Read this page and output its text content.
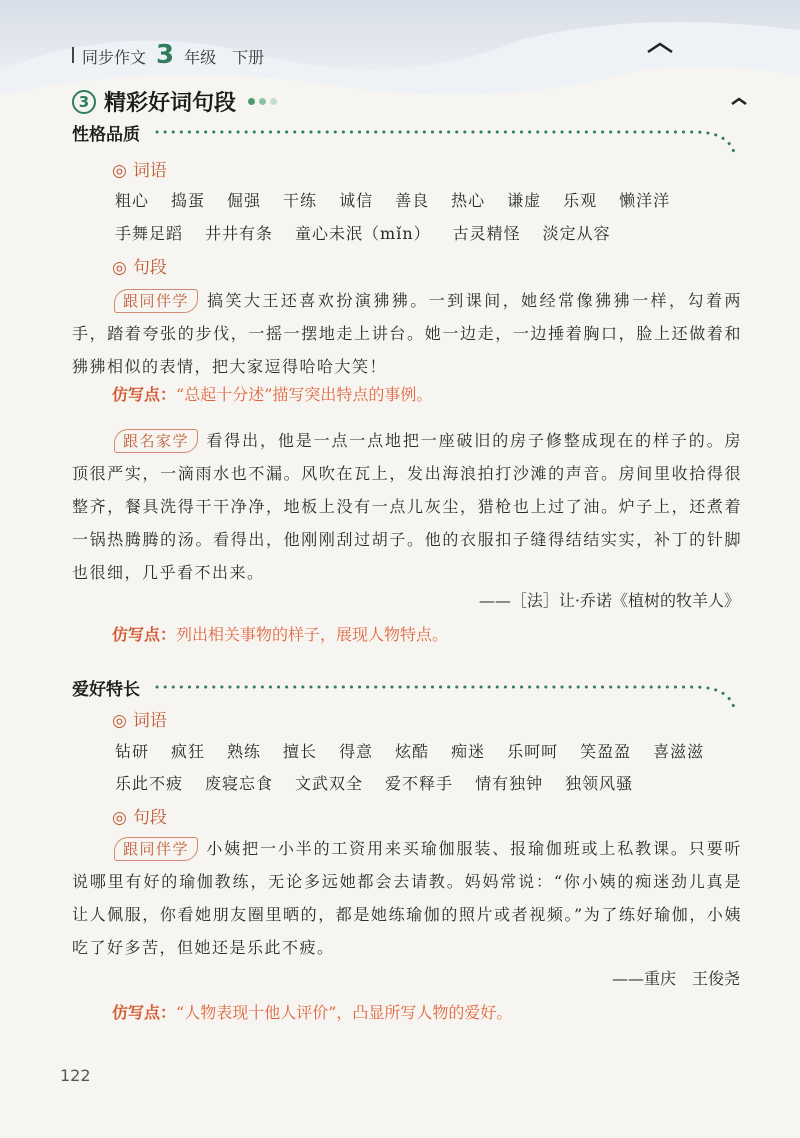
同步作文 3 年级 下册
3 精彩好词句段
性格品质
◎ 词语
粗心 捣蛋 倔强 干练 诚信 善良 热心 谦虚 乐观 懒洋洋
手舞足蹈 井井有条 童心未泯（mǐn） 古灵精怪 淡定从容
◎ 句段
跟同伴学 搞笑大王还喜欢扮演狒狒。一到课间，她经常像狒狒一样，勾着两手，踏着夸张的步伐，一摇一摆地走上讲台。她一边走，一边捶着胸口，脸上还做着和狒狒相似的表情，把大家逗得哈哈大笑！
仿写点：“总起十分述”描写突出特点的事例。
跟名家学 看得出，他是一点一点地把一座破旧的房子修整成现在的样子的。房顶很严实，一滴雨水也不漏。风吹在瓦上，发出海浪拍打沙滩的声音。房间里收拾得很整齐，餐具洗得干干净净，地板上没有一点儿灰尘，猎枪也上过了油。炉子上，还煮着一锅热腾腾的汤。看得出，他刚刚刮过胡子。他的衣服扣子缝得结结实实，补丁的针脚也很细，几乎看不出来。
——［法］让·乔诺《植树的牧羊人》
仿写点：列出相关事物的样子，展现人物特点。
爱好特长
◎ 词语
钻研 疯狂 熟练 擅长 得意 炫酷 痴迷 乐呵呵 笑盈盈 喜滋滋
乐此不疲 废寝忘食 文武双全 爱不释手 情有独钟 独领风骚
◎ 句段
跟同伴学 小姨把一小半的工资用来买瑜伽服装、报瑜伽班或上私教课。只要听说哪里有好的瑜伽教练，无论多远她都会去请教。妈妈常说：“你小姨的痴迷劲儿真是让人佩服，你看她朋友圈里晒的，都是她练瑜伽的照片或者视频。”为了练好瑜伽，小姨吃了好多苦，但她还是乐此不疲。
——重庆　王俊尧
仿写点：“人物表现十他人评价”，凸显所写人物的爱好。
122
